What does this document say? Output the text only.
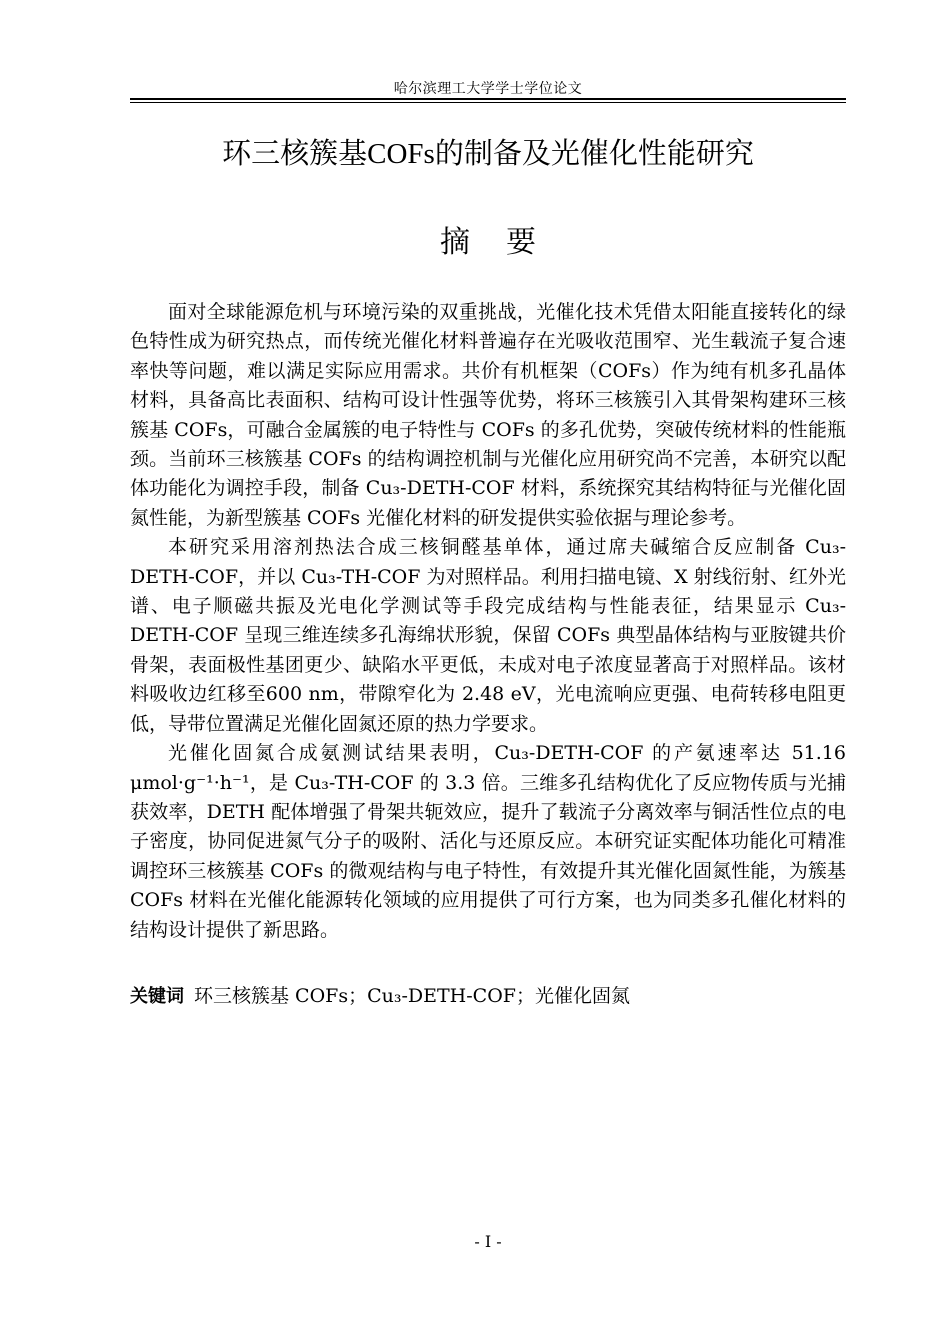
哈尔滨理工大学学士学位论文
环三核簇基COFs的制备及光催化性能研究
摘要

面对全球能源危机与环境污染的双重挑战，光催化技术凭借太阳能直接转化的绿色特性成为研究热点，而传统光催化材料普遍存在光吸收范围窄、光生载流子复合速率快等问题，难以满足实际应用需求。共价有机框架（COFs）作为纯有机多孔晶体材料，具备高比表面积、结构可设计性强等优势，将环三核簇引入其骨架构建环三核簇基 COFs，可融合金属簇的电子特性与 COFs 的多孔优势，突破传统材料的性能瓶颈。当前环三核簇基 COFs 的结构调控机制与光催化应用研究尚不完善，本研究以配体功能化为调控手段，制备 Cu₃-DETH-COF 材料，系统探究其结构特征与光催化固氮性能，为新型簇基 COFs 光催化材料的研发提供实验依据与理论参考。

本研究采用溶剂热法合成三核铜醛基单体，通过席夫碱缩合反应制备 Cu₃-DETH-COF，并以 Cu₃-TH-COF 为对照样品。利用扫描电镜、X 射线衍射、红外光谱、电子顺磁共振及光电化学测试等手段完成结构与性能表征，结果显示 Cu₃-DETH-COF 呈现三维连续多孔海绵状形貌，保留 COFs 典型晶体结构与亚胺键共价骨架，表面极性基团更少、缺陷水平更低，未成对电子浓度显著高于对照样品。该材料吸收边红移至600 nm，带隙窄化为 2.48 eV，光电流响应更强、电荷转移电阻更低，导带位置满足光催化固氮还原的热力学要求。

光催化固氮合成氨测试结果表明，Cu₃-DETH-COF 的产氨速率达 51.16 μmol·g⁻¹·h⁻¹，是 Cu₃-TH-COF 的 3.3 倍。三维多孔结构优化了反应物传质与光捕获效率，DETH 配体增强了骨架共轭效应，提升了载流子分离效率与铜活性位点的电子密度，协同促进氮气分子的吸附、活化与还原反应。本研究证实配体功能化可精准调控环三核簇基 COFs 的微观结构与电子特性，有效提升其光催化固氮性能，为簇基 COFs 材料在光催化能源转化领域的应用提供了可行方案，也为同类多孔催化材料的结构设计提供了新思路。

关键词 环三核簇基 COFs；Cu₃-DETH-COF；光催化固氮
- I -
